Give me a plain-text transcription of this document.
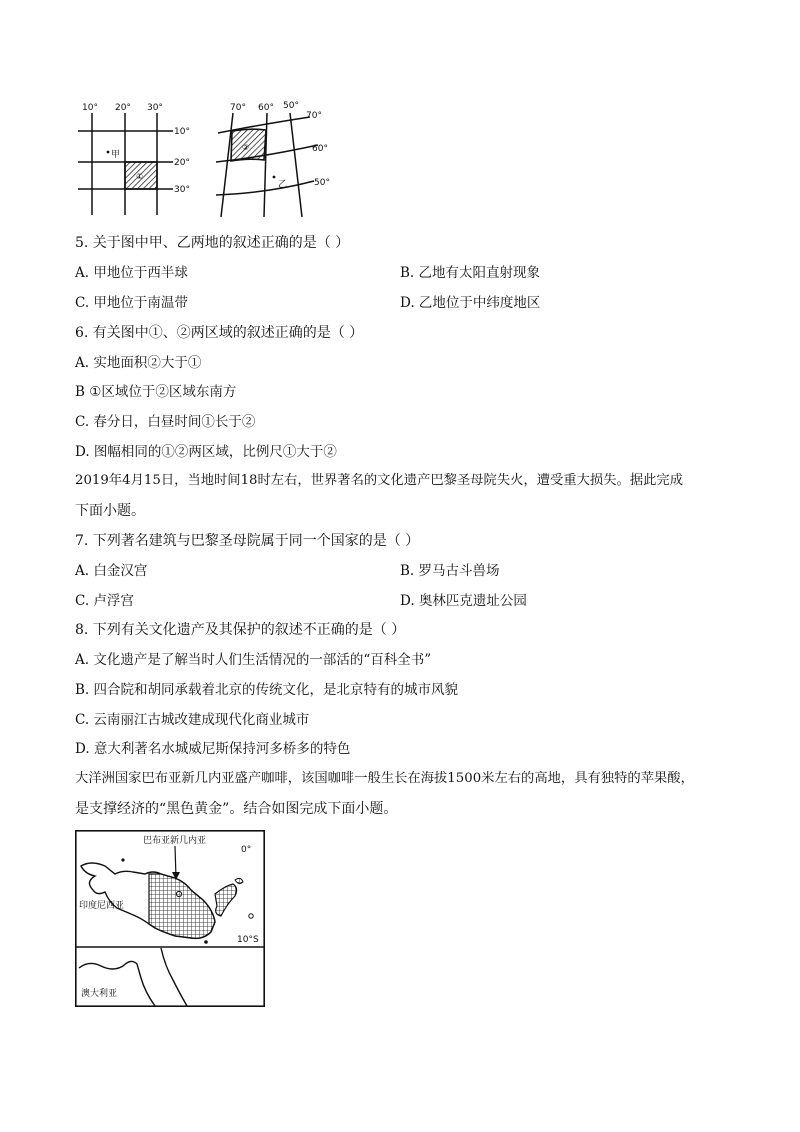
10° 20° 30°
10°
20°
30°
甲
①
70° 60° 50°
70°
60°
50°
乙
②
5. 关于图中甲、乙两地的叙述正确的是（ ）
A. 甲地位于西半球	B. 乙地有太阳直射现象
C. 甲地位于南温带	D. 乙地位于中纬度地区
6. 有关图中①、②两区域的叙述正确的是（ ）
A. 实地面积②大于①
B ①区域位于②区域东南方
C. 春分日，白昼时间①长于②
D. 图幅相同的①②两区域，比例尺①大于②
2019年4月15日，当地时间18时左右，世界著名的文化遗产巴黎圣母院失火，遭受重大损失。据此完成
下面小题。
7. 下列著名建筑与巴黎圣母院属于同一个国家的是（ ）
A. 白金汉宫	B. 罗马古斗兽场
C. 卢浮宫	D. 奥林匹克遗址公园
8. 下列有关文化遗产及其保护的叙述不正确的是（ ）
A. 文化遗产是了解当时人们生活情况的一部活的“百科全书”
B. 四合院和胡同承载着北京的传统文化，是北京特有的城市风貌
C. 云南丽江古城改建成现代化商业城市
D. 意大利著名水城威尼斯保持河多桥多的特色
大洋洲国家巴布亚新几内亚盛产咖啡，该国咖啡一般生长在海拔1500米左右的高地，具有独特的苹果酸，
是支撑经济的“黑色黄金”。结合如图完成下面小题。
巴布亚新几内亚
0°
印度尼西亚
10°S
澳大利亚
